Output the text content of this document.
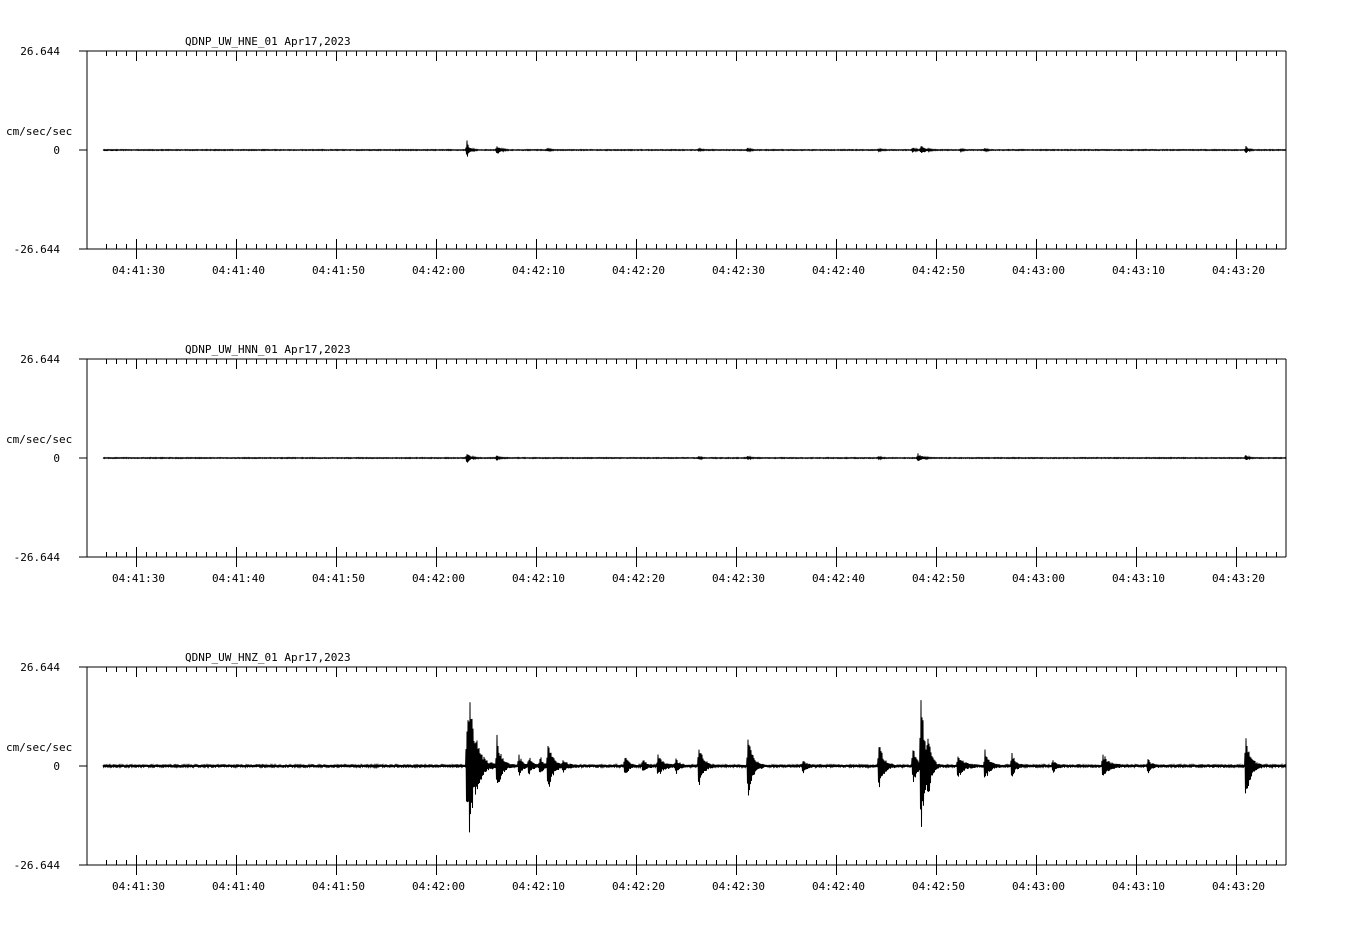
QDNP_UW_HNE_01 Apr17,2023
26.644
0
-26.644
cm/sec/sec
04:41:30	04:41:40	04:41:50	04:42:00	04:42:10	04:42:20	04:42:30	04:42:40	04:42:50	04:43:00	04:43:10	04:43:20
QDNP_UW_HNN_01 Apr17,2023
26.644
0
-26.644
cm/sec/sec
04:41:30	04:41:40	04:41:50	04:42:00	04:42:10	04:42:20	04:42:30	04:42:40	04:42:50	04:43:00	04:43:10	04:43:20
QDNP_UW_HNZ_01 Apr17,2023
26.644
0
-26.644
cm/sec/sec
04:41:30	04:41:40	04:41:50	04:42:00	04:42:10	04:42:20	04:42:30	04:42:40	04:42:50	04:43:00	04:43:10	04:43:20
